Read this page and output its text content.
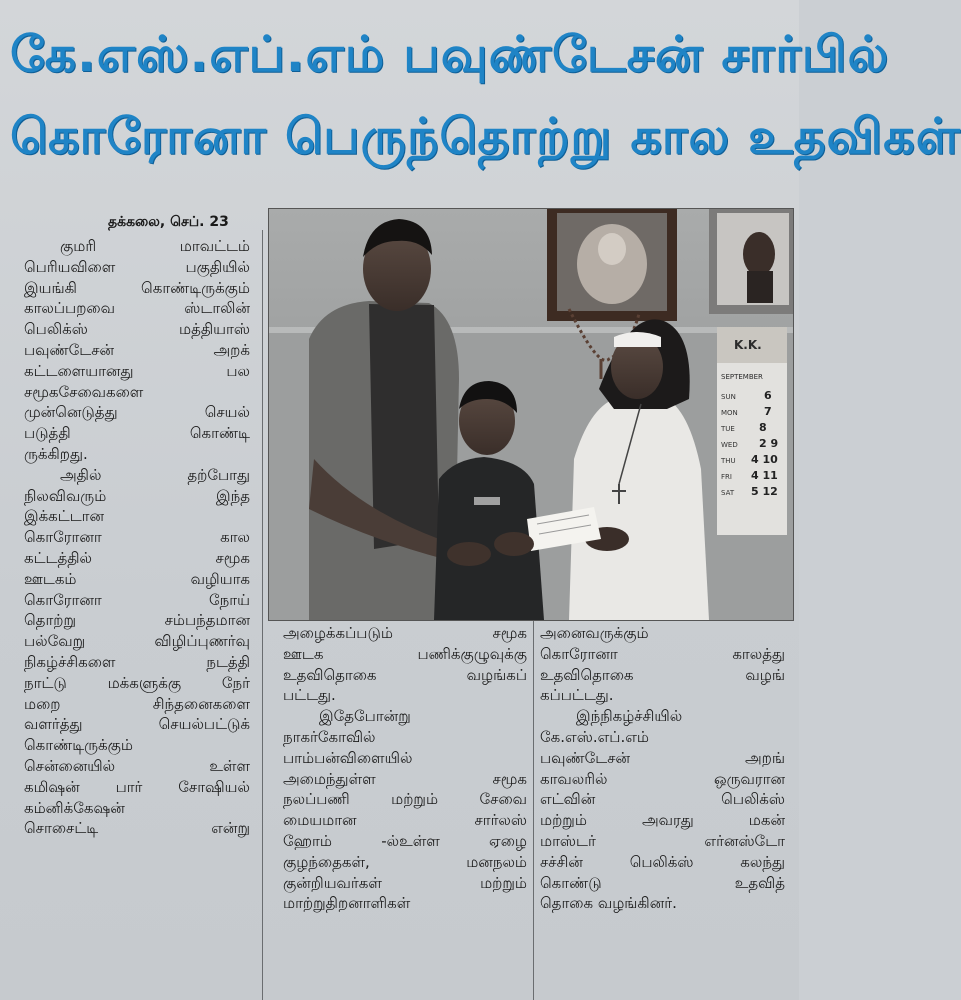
கே.எஸ்.எப்.எம் பவுண்டேசன் சார்பில்
கொரோனா பெருந்தொற்று கால உதவிகள்
தக்கலை, செப். 23
குமரி மாவட்டம்
பெரியவிளை பகுதியில்
இயங்கி கொண்டிருக்கும்
காலப்பறவை ஸ்டாலின்
பெலிக்ஸ் மத்தியாஸ்
பவுண்டேசன் அறக்
கட்டளையானது பல
சமூகசேவைகளை
முன்னெடுத்து செயல்
படுத்தி கொண்டி
ருக்கிறது.
அதில் தற்போது
நிலவிவரும் இந்த
இக்கட்டான
கொரோனா கால
கட்டத்தில் சமூக
ஊடகம் வழியாக
கொரோனா நோய்
தொற்று சம்பந்தமான
பல்வேறு விழிப்புணர்வு
நிகழ்ச்சிகளை நடத்தி
நாட்டு மக்களுக்கு நேர்
மறை சிந்தனைகளை
வளர்த்து செயல்பட்டுக்
கொண்டிருக்கும்
சென்னையில் உள்ள
கமிஷன் பார் சோஷியல்
கம்னிக்கேஷன்
சொசைட்டி என்று
அழைக்கப்படும் சமூக
ஊடக பணிக்குழுவுக்கு
உதவிதொகை வழங்கப்
பட்டது.
இதேபோன்று
நாகர்கோவில்
பாம்பன்விளையில்
அமைந்துள்ள சமூக
நலப்பணி மற்றும் சேவை
மையமான சார்லஸ்
ஹோம் -ல்உள்ள ஏழை
குழந்தைகள், மனநலம்
குன்றியவர்கள் மற்றும்
மாற்றுதிறனாளிகள்
அனைவருக்கும்
கொரோனா காலத்து
உதவிதொகை வழங்
கப்பட்டது.
இந்நிகழ்ச்சியில்
கே.எஸ்.எப்.எம்
பவுண்டேசன் அறங்
காவலரில் ஒருவரான
எட்வின் பெலிக்ஸ்
மற்றும் அவரது மகன்
மாஸ்டர் எர்னஸ்டோ
சச்சின் பெலிக்ஸ் கலந்து
கொண்டு உதவித்
தொகை வழங்கினர்.
K.K.
SEPTEMBER
SUN
MON
TUE
WED
THU
FRI
SAT
6
7
8
2 9
4 10
4 11
5 12
